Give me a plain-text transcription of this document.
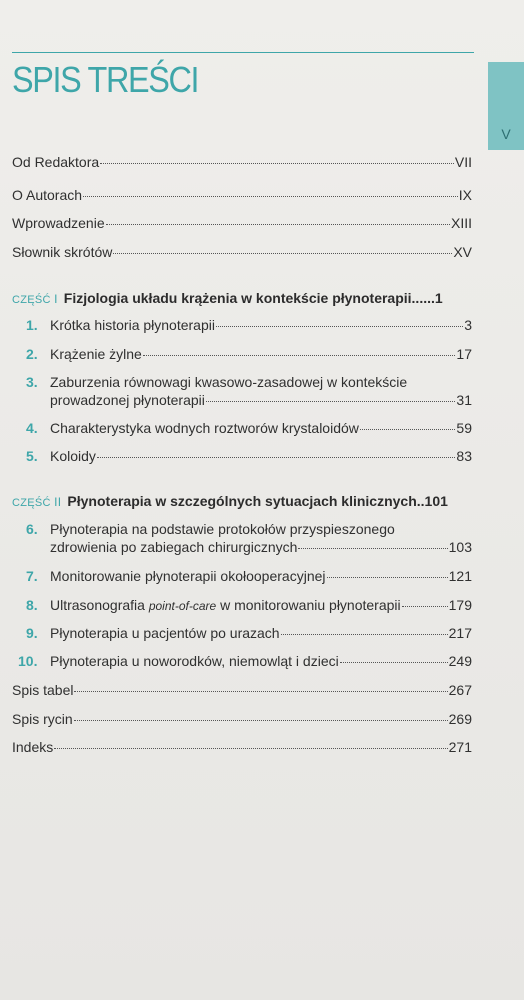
SPIS TREŚCI
V
Od Redaktora	VII
O Autorach	IX
Wprowadzenie	XIII
Słownik skrótów	XV
CZĘŚĆ I Fizjologia układu krążenia w kontekście płynoterapii ...... 1
1. Krótka historia płynoterapii	3
2. Krążenie żylne	17
3. Zaburzenia równowagi kwasowo-zasadowej w kontekście
prowadzonej płynoterapii	31
4. Charakterystyka wodnych roztworów krystaloidów	59
5. Koloidy	83
CZĘŚĆ II Płynoterapia w szczególnych sytuacjach klinicznych .. 101
6. Płynoterapia na podstawie protokołów przyspieszonego
zdrowienia po zabiegach chirurgicznych	103
7. Monitorowanie płynoterapii okołooperacyjnej	121
8. Ultrasonografia point-of-care w monitorowaniu płynoterapii	179
9. Płynoterapia u pacjentów po urazach	217
10. Płynoterapia u noworodków, niemowląt i dzieci	249
Spis tabel	267
Spis rycin	269
Indeks	271
